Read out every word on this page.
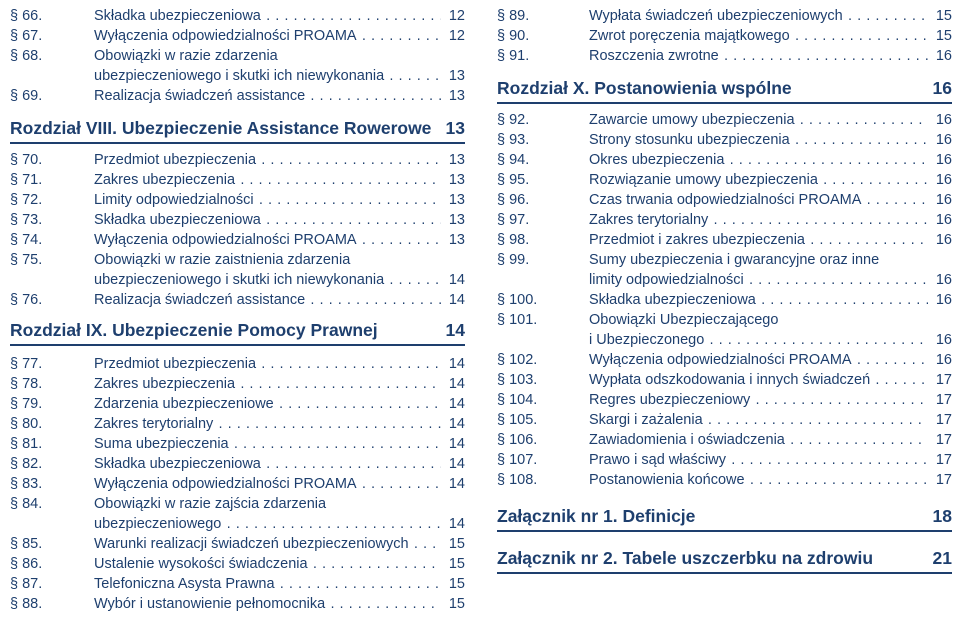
§ 66.	Składka ubezpieczeniowa .....	12
§ 67.	Wyłączenia odpowiedzialności PROAMA .....	12
§ 68.	Obowiązki w razie zdarzenia
ubezpieczeniowego i skutki ich niewykonania .....	13
§ 69.	Realizacja świadczeń assistance .....	13
Rozdział VIII. Ubezpieczenie Assistance Rowerowe 13
§ 70.	Przedmiot ubezpieczenia .....	13
§ 71.	Zakres ubezpieczenia .....	13
§ 72.	Limity odpowiedzialności .....	13
§ 73.	Składka ubezpieczeniowa .....	13
§ 74.	Wyłączenia odpowiedzialności PROAMA .....	13
§ 75.	Obowiązki w razie zaistnienia zdarzenia
ubezpieczeniowego i skutki ich niewykonania .....	14
§ 76.	Realizacja świadczeń assistance .....	14
Rozdział IX. Ubezpieczenie Pomocy Prawnej	14
§ 77.	Przedmiot ubezpieczenia .....	14
§ 78.	Zakres ubezpieczenia .....	14
§ 79.	Zdarzenia ubezpieczeniowe .....	14
§ 80.	Zakres terytorialny .....	14
§ 81.	Suma ubezpieczenia .....	14
§ 82.	Składka ubezpieczeniowa .....	14
§ 83.	Wyłączenia odpowiedzialności PROAMA .....	14
§ 84.	Obowiązki w razie zajścia zdarzenia
ubezpieczeniowego .....	14
§ 85.	Warunki realizacji świadczeń ubezpieczeniowych .....	15
§ 86.	Ustalenie wysokości świadczenia .....	15
§ 87.	Telefoniczna Asysta Prawna .....	15
§ 88.	Wybór i ustanowienie pełnomocnika .....	15
§ 89.	Wypłata świadczeń ubezpieczeniowych .....	15
§ 90.	Zwrot poręczenia majątkowego .....	15
§ 91.	Roszczenia zwrotne .....	16
Rozdział X. Postanowienia wspólne	16
§ 92.	Zawarcie umowy ubezpieczenia .....	16
§ 93.	Strony stosunku ubezpieczenia .....	16
§ 94.	Okres ubezpieczenia .....	16
§ 95.	Rozwiązanie umowy ubezpieczenia .....	16
§ 96.	Czas trwania odpowiedzialności PROAMA .....	16
§ 97.	Zakres terytorialny .....	16
§ 98.	Przedmiot i zakres ubezpieczenia .....	16
§ 99.	Sumy ubezpieczenia i gwarancyjne oraz inne
limity odpowiedzialności .....	16
§ 100.	Składka ubezpieczeniowa .....	16
§ 101.	Obowiązki Ubezpieczającego
i Ubezpieczonego .....	16
§ 102.	Wyłączenia odpowiedzialności PROAMA .....	16
§ 103.	Wypłata odszkodowania i innych świadczeń .....	17
§ 104.	Regres ubezpieczeniowy .....	17
§ 105.	Skargi i zażalenia .....	17
§ 106.	Zawiadomienia i oświadczenia .....	17
§ 107.	Prawo i sąd właściwy .....	17
§ 108.	Postanowienia końcowe .....	17
Załącznik nr 1. Definicje	18
Załącznik nr 2. Tabele uszczerbku na zdrowiu	21
